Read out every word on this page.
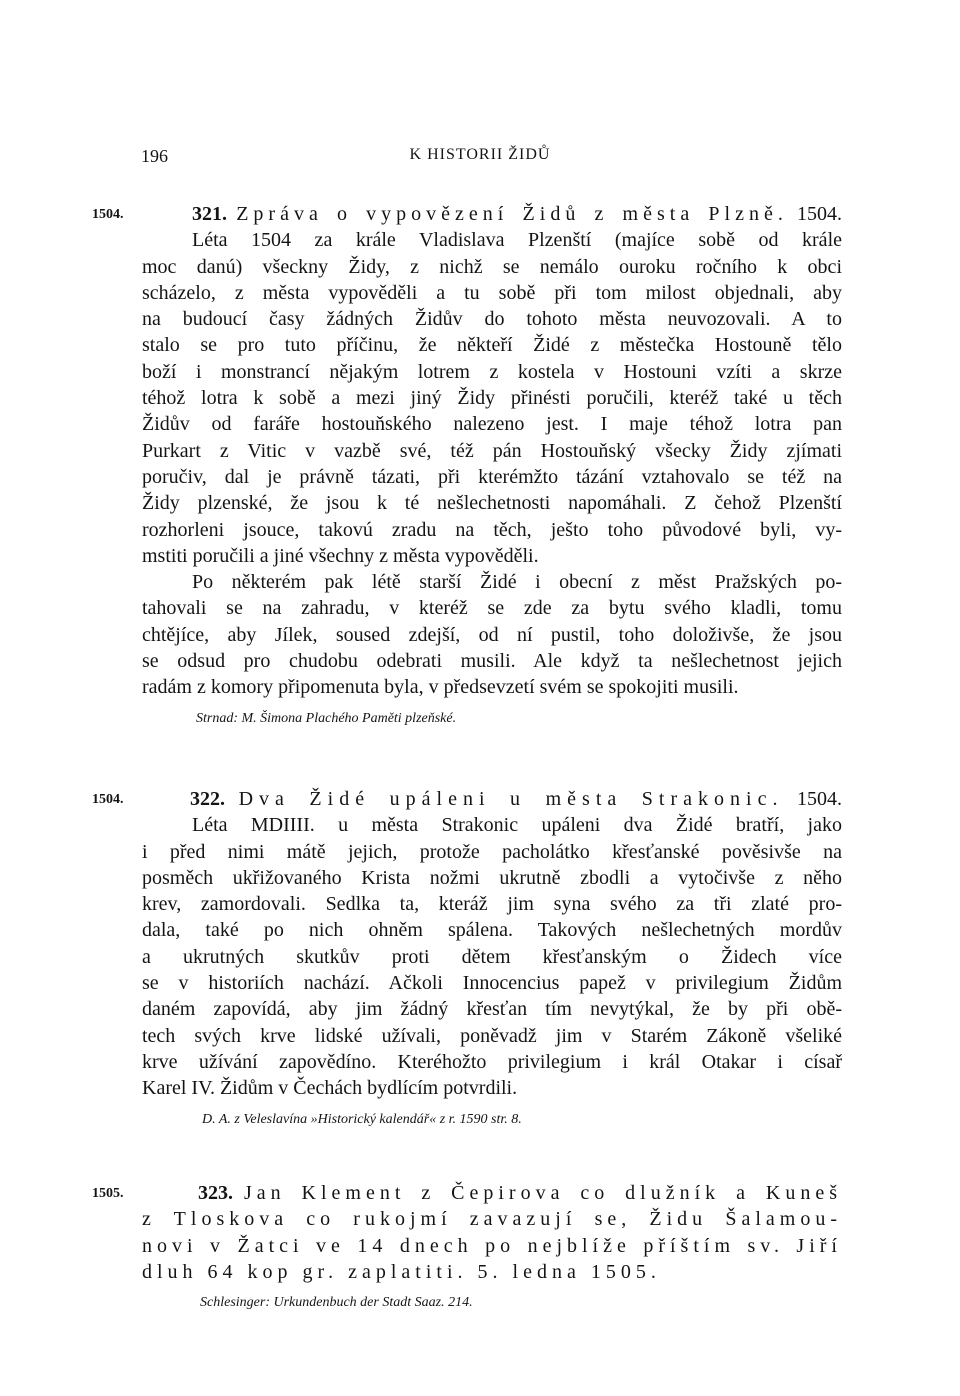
196	K HISTORII ŽIDŮ
1504.	321. Zpráva o vypovězení Židů z města Plzně. 1504.
Léta 1504 za krále Vladislava Plzenští (majíce sobě od krále
moc danú) všeckny Židy, z nichž se nemálo ouroku ročního k obci
scházelo, z města vypověděli a tu sobě při tom milost objednali, aby
na budoucí časy žádných Židův do tohoto města neuvozovali. A to
stalo se pro tuto příčinu, že někteří Židé z městečka Hostouně tělo
boží i monstrancí nějakým lotrem z kostela v Hostouni vzíti a skrze
téhož lotra k sobě a mezi jiný Židy přinésti poručili, kteréž také u těch
Židův od faráře hostouňského nalezeno jest. I maje téhož lotra pan
Purkart z Vitic v vazbě své, též pán Hostouňský všecky Židy zjímati
poručiv, dal je právně tázati, při kterémžto tázání vztahovalo se též na
Židy plzenské, že jsou k té nešlechetnosti napomáhali. Z čehož Plzenští
rozhorleni jsouce, takovú zradu na těch, ješto toho původové byli, vy-
mstiti poručili a jiné všechny z města vypověděli.
Po některém pak létě starší Židé i obecní z měst Pražských po-
tahovali se na zahradu, v kteréž se zde za bytu svého kladli, tomu
chtějíce, aby Jílek, soused zdejší, od ní pustil, toho doloživše, že jsou
se odsud pro chudobu odebrati musili. Ale když ta nešlechetnost jejich
radám z komory připomenuta byla, v předsevzetí svém se spokojiti musili.
Strnad: M. Šimona Plachého Paměti plzeňské.
1504.	322. Dva Židé upáleni u města Strakonic. 1504.
Léta MDIIII. u města Strakonic upáleni dva Židé bratří, jako
i před nimi mátě jejich, protože pacholátko křesťanské pověsivše na
posměch ukřižovaného Krista nožmi ukrutně zbodli a vytočivše z něho
krev, zamordovali. Sedlka ta, kteráž jim syna svého za tři zlaté pro-
dala, také po nich ohněm spálena. Takových nešlechetných mordův
a ukrutných skutkův proti dětem křesťanským o Židech více
se v historiích nachází. Ačkoli Innocencius papež v privilegium Židům
daném zapovídá, aby jim žádný křesťan tím nevytýkal, že by při obě-
tech svých krve lidské užívali, poněvadž jim v Starém Zákoně všeliké
krve užívání zapovědíno. Kteréhožto privilegium i král Otakar i císař
Karel IV. Židům v Čechách bydlícím potvrdili.
D. A. z Veleslavína »Historický kalendář« z r. 1590 str. 8.
1505.	323. Jan Klement z Čepirova co dlužník a Kuneš
z Tloskova co rukojmí zavazují se, Židu Šalamou-
novi v Žatci ve 14 dnech po nejblíže příštím sv. Jiří
dluh 64 kop gr. zaplatiti. 5. ledna 1505.
Schlesinger: Urkundenbuch der Stadt Saaz. 214.
